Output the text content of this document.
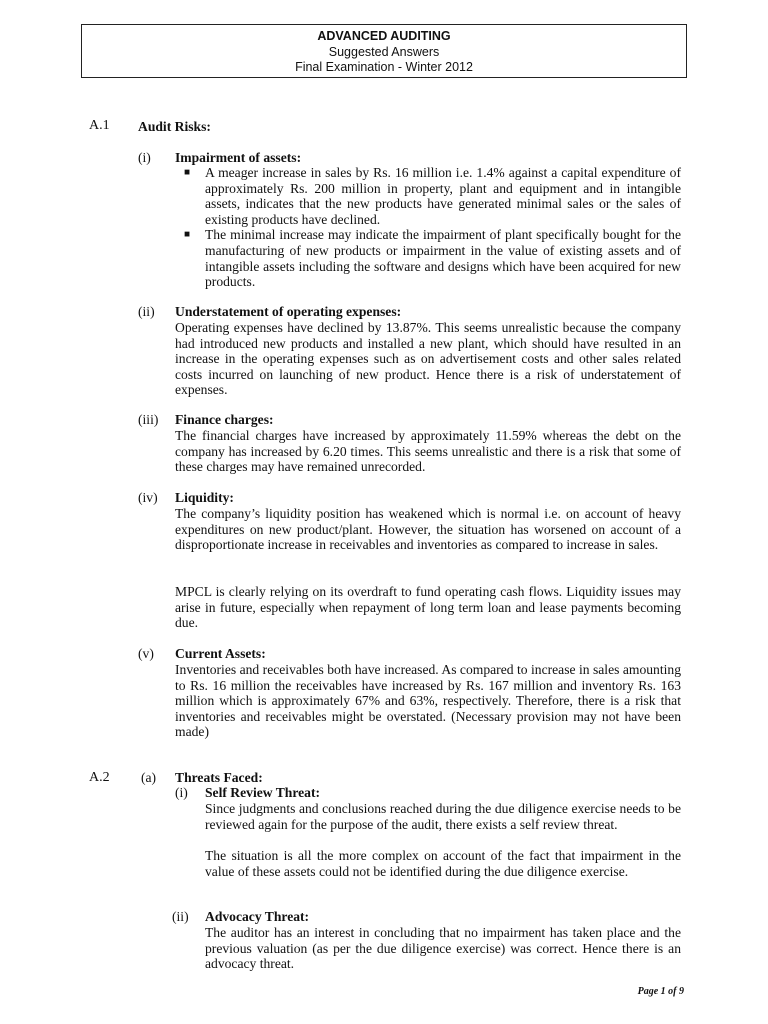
ADVANCED AUDITING
Suggested Answers
Final Examination - Winter 2012
A.1 Audit Risks:
(i) Impairment of assets:
■ A meager increase in sales by Rs. 16 million i.e. 1.4% against a capital expenditure of approximately Rs. 200 million in property, plant and equipment and in intangible assets, indicates that the new products have generated minimal sales or the sales of existing products have declined.
■ The minimal increase may indicate the impairment of plant specifically bought for the manufacturing of new products or impairment in the value of existing assets and of intangible assets including the software and designs which have been acquired for new products.
(ii) Understatement of operating expenses:
Operating expenses have declined by 13.87%. This seems unrealistic because the company had introduced new products and installed a new plant, which should have resulted in an increase in the operating expenses such as on advertisement costs and other sales related costs incurred on launching of new product. Hence there is a risk of understatement of expenses.
(iii) Finance charges:
The financial charges have increased by approximately 11.59% whereas the debt on the company has increased by 6.20 times. This seems unrealistic and there is a risk that some of these charges may have remained unrecorded.
(iv) Liquidity:
The company’s liquidity position has weakened which is normal i.e. on account of heavy expenditures on new product/plant. However, the situation has worsened on account of a disproportionate increase in receivables and inventories as compared to increase in sales.
MPCL is clearly relying on its overdraft to fund operating cash flows. Liquidity issues may arise in future, especially when repayment of long term loan and lease payments becoming due.
(v) Current Assets:
Inventories and receivables both have increased. As compared to increase in sales amounting to Rs. 16 million the receivables have increased by Rs. 167 million and inventory Rs. 163 million which is approximately 67% and 63%, respectively. Therefore, there is a risk that inventories and receivables might be overstated. (Necessary provision may not have been made)
A.2 (a) Threats Faced:
(i) Self Review Threat:
Since judgments and conclusions reached during the due diligence exercise needs to be reviewed again for the purpose of the audit, there exists a self review threat.
The situation is all the more complex on account of the fact that impairment in the value of these assets could not be identified during the due diligence exercise.
(ii) Advocacy Threat:
The auditor has an interest in concluding that no impairment has taken place and the previous valuation (as per the due diligence exercise) was correct. Hence there is an advocacy threat.
Page 1 of 9
